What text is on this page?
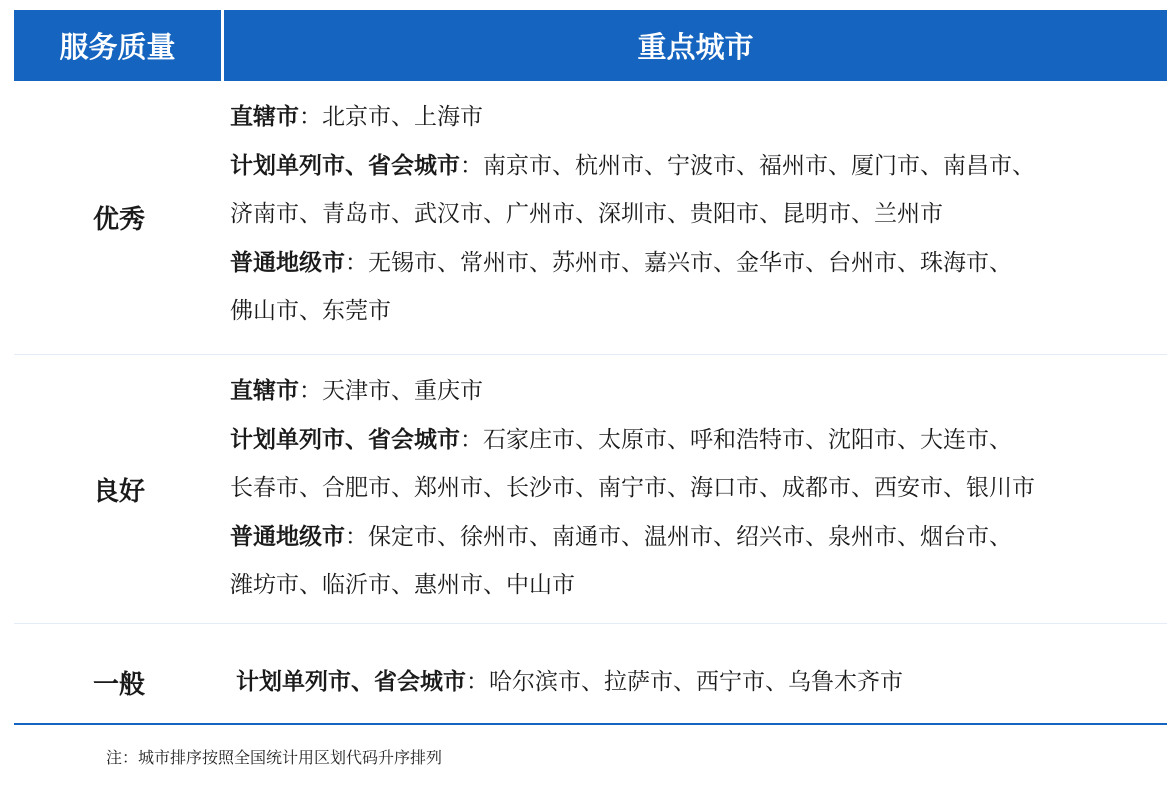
服务质量	重点城市
优秀
直辖市：北京市、上海市
计划单列市、省会城市：南京市、杭州市、宁波市、福州市、厦门市、南昌市、
济南市、青岛市、武汉市、广州市、深圳市、贵阳市、昆明市、兰州市
普通地级市：无锡市、常州市、苏州市、嘉兴市、金华市、台州市、珠海市、
佛山市、东莞市
良好
直辖市：天津市、重庆市
计划单列市、省会城市：石家庄市、太原市、呼和浩特市、沈阳市、大连市、
长春市、合肥市、郑州市、长沙市、南宁市、海口市、成都市、西安市、银川市
普通地级市：保定市、徐州市、南通市、温州市、绍兴市、泉州市、烟台市、
潍坊市、临沂市、惠州市、中山市
一般	计划单列市、省会城市：哈尔滨市、拉萨市、西宁市、乌鲁木齐市
注：城市排序按照全国统计用区划代码升序排列
